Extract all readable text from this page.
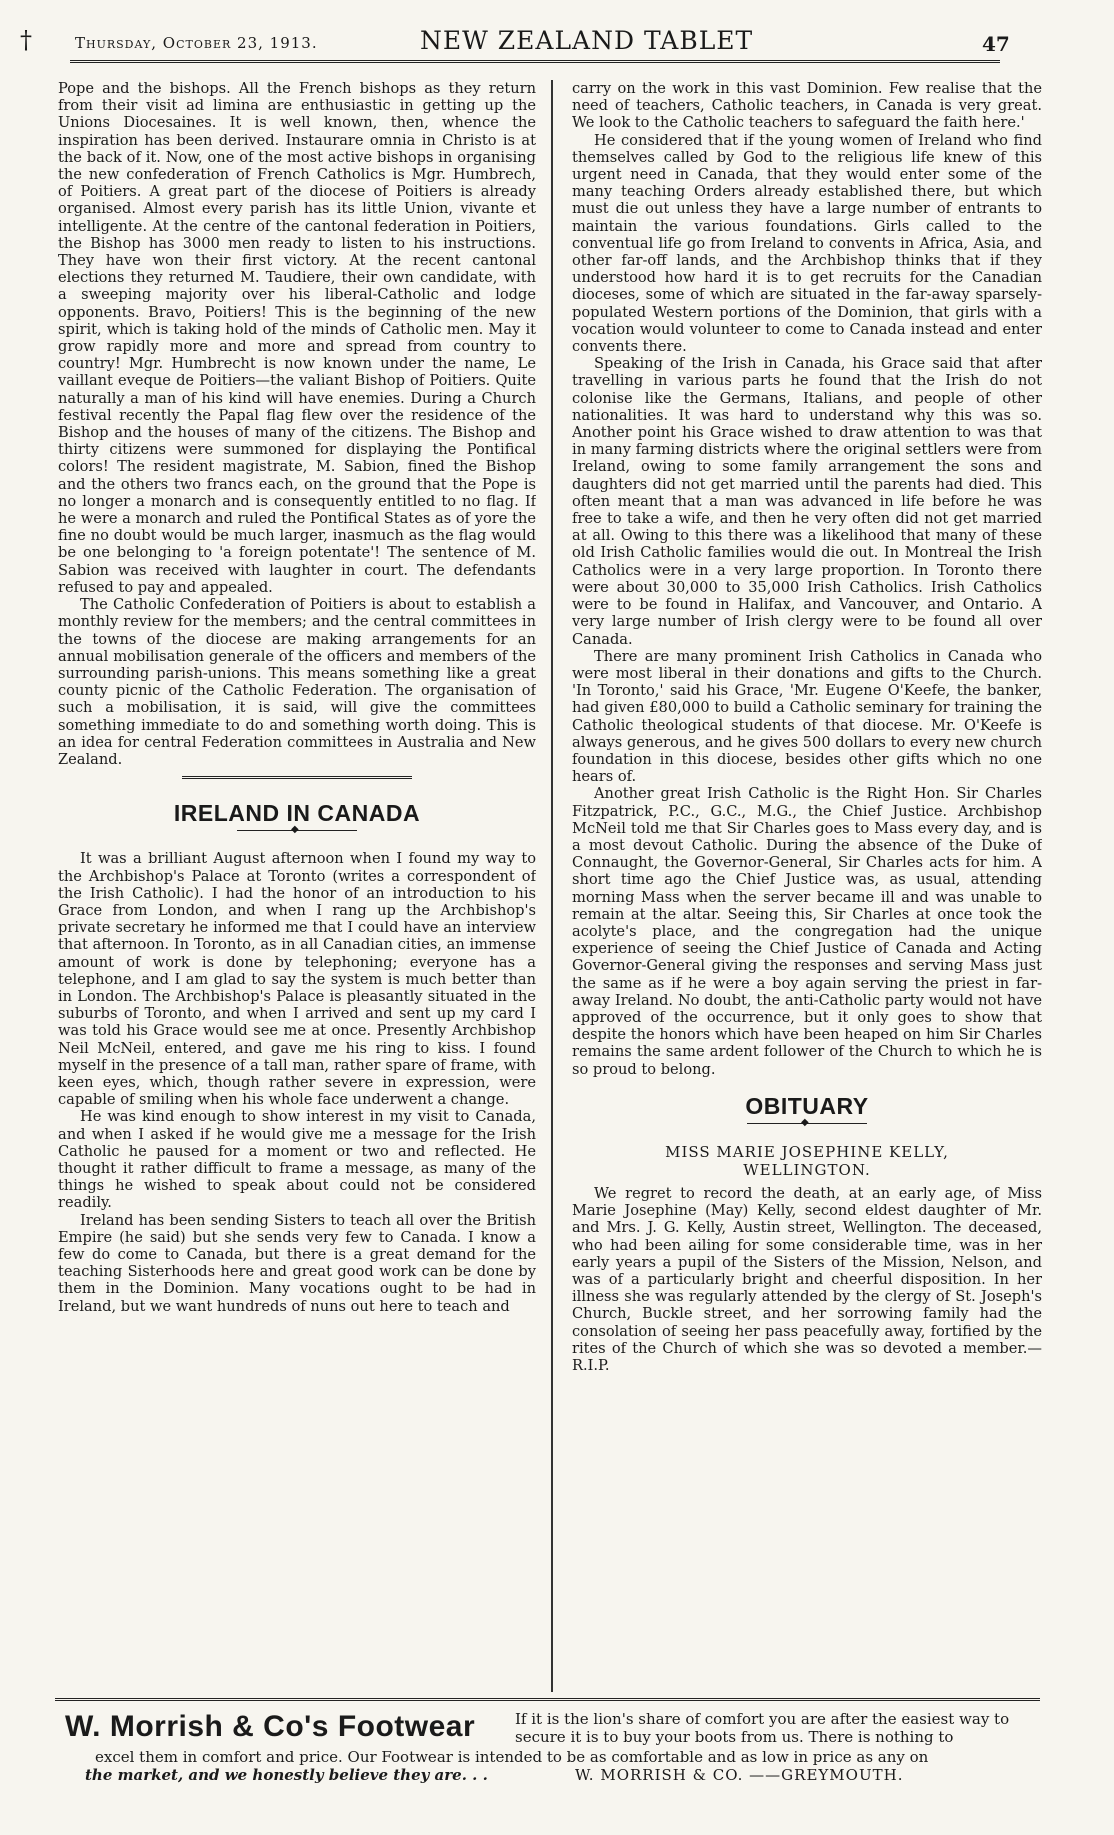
†	Thursday, October 23, 1913.	NEW ZEALAND TABLET	47

Pope and the bishops. All the French bishops as they return from their visit ad limina are enthusiastic in getting up the Unions Diocesaines. It is well known, then, whence the inspiration has been derived. Instaurare omnia in Christo is at the back of it. Now, one of the most active bishops in organising the new confederation of French Catholics is Mgr. Humbrech, of Poitiers. A great part of the diocese of Poitiers is already organised. Almost every parish has its little Union, vivante et intelligente. At the centre of the cantonal federation in Poitiers, the Bishop has 3000 men ready to listen to his instructions. They have won their first victory. At the recent cantonal elections they returned M. Taudiere, their own candidate, with a sweeping majority over his liberal-Catholic and lodge opponents. Bravo, Poitiers! This is the beginning of the new spirit, which is taking hold of the minds of Catholic men. May it grow rapidly more and more and spread from country to country! Mgr. Humbrecht is now known under the name, Le vaillant eveque de Poitiers—the valiant Bishop of Poitiers. Quite naturally a man of his kind will have enemies. During a Church festival recently the Papal flag flew over the residence of the Bishop and the houses of many of the citizens. The Bishop and thirty citizens were summoned for displaying the Pontifical colors! The resident magistrate, M. Sabion, fined the Bishop and the others two francs each, on the ground that the Pope is no longer a monarch and is consequently entitled to no flag. If he were a monarch and ruled the Pontifical States as of yore the fine no doubt would be much larger, inasmuch as the flag would be one belonging to 'a foreign potentate'! The sentence of M. Sabion was received with laughter in court. The defendants refused to pay and appealed.

The Catholic Confederation of Poitiers is about to establish a monthly review for the members; and the central committees in the towns of the diocese are making arrangements for an annual mobilisation generale of the officers and members of the surrounding parish-unions. This means something like a great county picnic of the Catholic Federation. The organisation of such a mobilisation, it is said, will give the committees something immediate to do and something worth doing. This is an idea for central Federation committees in Australia and New Zealand.

IRELAND IN CANADA
◆

It was a brilliant August afternoon when I found my way to the Archbishop's Palace at Toronto (writes a correspondent of the Irish Catholic). I had the honor of an introduction to his Grace from London, and when I rang up the Archbishop's private secretary he informed me that I could have an interview that afternoon. In Toronto, as in all Canadian cities, an immense amount of work is done by telephoning; everyone has a telephone, and I am glad to say the system is much better than in London. The Archbishop's Palace is pleasantly situated in the suburbs of Toronto, and when I arrived and sent up my card I was told his Grace would see me at once. Presently Archbishop Neil McNeil, entered, and gave me his ring to kiss. I found myself in the presence of a tall man, rather spare of frame, with keen eyes, which, though rather severe in expression, were capable of smiling when his whole face underwent a change.

He was kind enough to show interest in my visit to Canada, and when I asked if he would give me a message for the Irish Catholic he paused for a moment or two and reflected. He thought it rather difficult to frame a message, as many of the things he wished to speak about could not be considered readily.

Ireland has been sending Sisters to teach all over the British Empire (he said) but she sends very few to Canada. I know a few do come to Canada, but there is a great demand for the teaching Sisterhoods here and great good work can be done by them in the Dominion. Many vocations ought to be had in Ireland, but we want hundreds of nuns out here to teach and

carry on the work in this vast Dominion. Few realise that the need of teachers, Catholic teachers, in Canada is very great. We look to the Catholic teachers to safeguard the faith here.'

He considered that if the young women of Ireland who find themselves called by God to the religious life knew of this urgent need in Canada, that they would enter some of the many teaching Orders already established there, but which must die out unless they have a large number of entrants to maintain the various foundations. Girls called to the conventual life go from Ireland to convents in Africa, Asia, and other far-off lands, and the Archbishop thinks that if they understood how hard it is to get recruits for the Canadian dioceses, some of which are situated in the far-away sparsely-populated Western portions of the Dominion, that girls with a vocation would volunteer to come to Canada instead and enter convents there.

Speaking of the Irish in Canada, his Grace said that after travelling in various parts he found that the Irish do not colonise like the Germans, Italians, and people of other nationalities. It was hard to understand why this was so. Another point his Grace wished to draw attention to was that in many farming districts where the original settlers were from Ireland, owing to some family arrangement the sons and daughters did not get married until the parents had died. This often meant that a man was advanced in life before he was free to take a wife, and then he very often did not get married at all. Owing to this there was a likelihood that many of these old Irish Catholic families would die out. In Montreal the Irish Catholics were in a very large proportion. In Toronto there were about 30,000 to 35,000 Irish Catholics. Irish Catholics were to be found in Halifax, and Vancouver, and Ontario. A very large number of Irish clergy were to be found all over Canada.

There are many prominent Irish Catholics in Canada who were most liberal in their donations and gifts to the Church. 'In Toronto,' said his Grace, 'Mr. Eugene O'Keefe, the banker, had given £80,000 to build a Catholic seminary for training the Catholic theological students of that diocese. Mr. O'Keefe is always generous, and he gives 500 dollars to every new church foundation in this diocese, besides other gifts which no one hears of.

Another great Irish Catholic is the Right Hon. Sir Charles Fitzpatrick, P.C., G.C., M.G., the Chief Justice. Archbishop McNeil told me that Sir Charles goes to Mass every day, and is a most devout Catholic. During the absence of the Duke of Connaught, the Governor-General, Sir Charles acts for him. A short time ago the Chief Justice was, as usual, attending morning Mass when the server became ill and was unable to remain at the altar. Seeing this, Sir Charles at once took the acolyte's place, and the congregation had the unique experience of seeing the Chief Justice of Canada and Acting Governor-General giving the responses and serving Mass just the same as if he were a boy again serving the priest in far-away Ireland. No doubt, the anti-Catholic party would not have approved of the occurrence, but it only goes to show that despite the honors which have been heaped on him Sir Charles remains the same ardent follower of the Church to which he is so proud to belong.

OBITUARY
◆
MISS MARIE JOSEPHINE KELLY,
WELLINGTON.

We regret to record the death, at an early age, of Miss Marie Josephine (May) Kelly, second eldest daughter of Mr. and Mrs. J. G. Kelly, Austin street, Wellington. The deceased, who had been ailing for some considerable time, was in her early years a pupil of the Sisters of the Mission, Nelson, and was of a particularly bright and cheerful disposition. In her illness she was regularly attended by the clergy of St. Joseph's Church, Buckle street, and her sorrowing family had the consolation of seeing her pass peacefully away, fortified by the rites of the Church of which she was so devoted a member.—R.I.P.

W. Morrish & Co's Footwear	If it is the lion's share of comfort you are after the easiest way to secure it is to buy your boots from us. There is nothing to
excel them in comfort and price. Our Footwear is intended to be as comfortable and as low in price as any on
the market, and we honestly believe they are. . .	W. MORRISH & CO. ——GREYMOUTH.
